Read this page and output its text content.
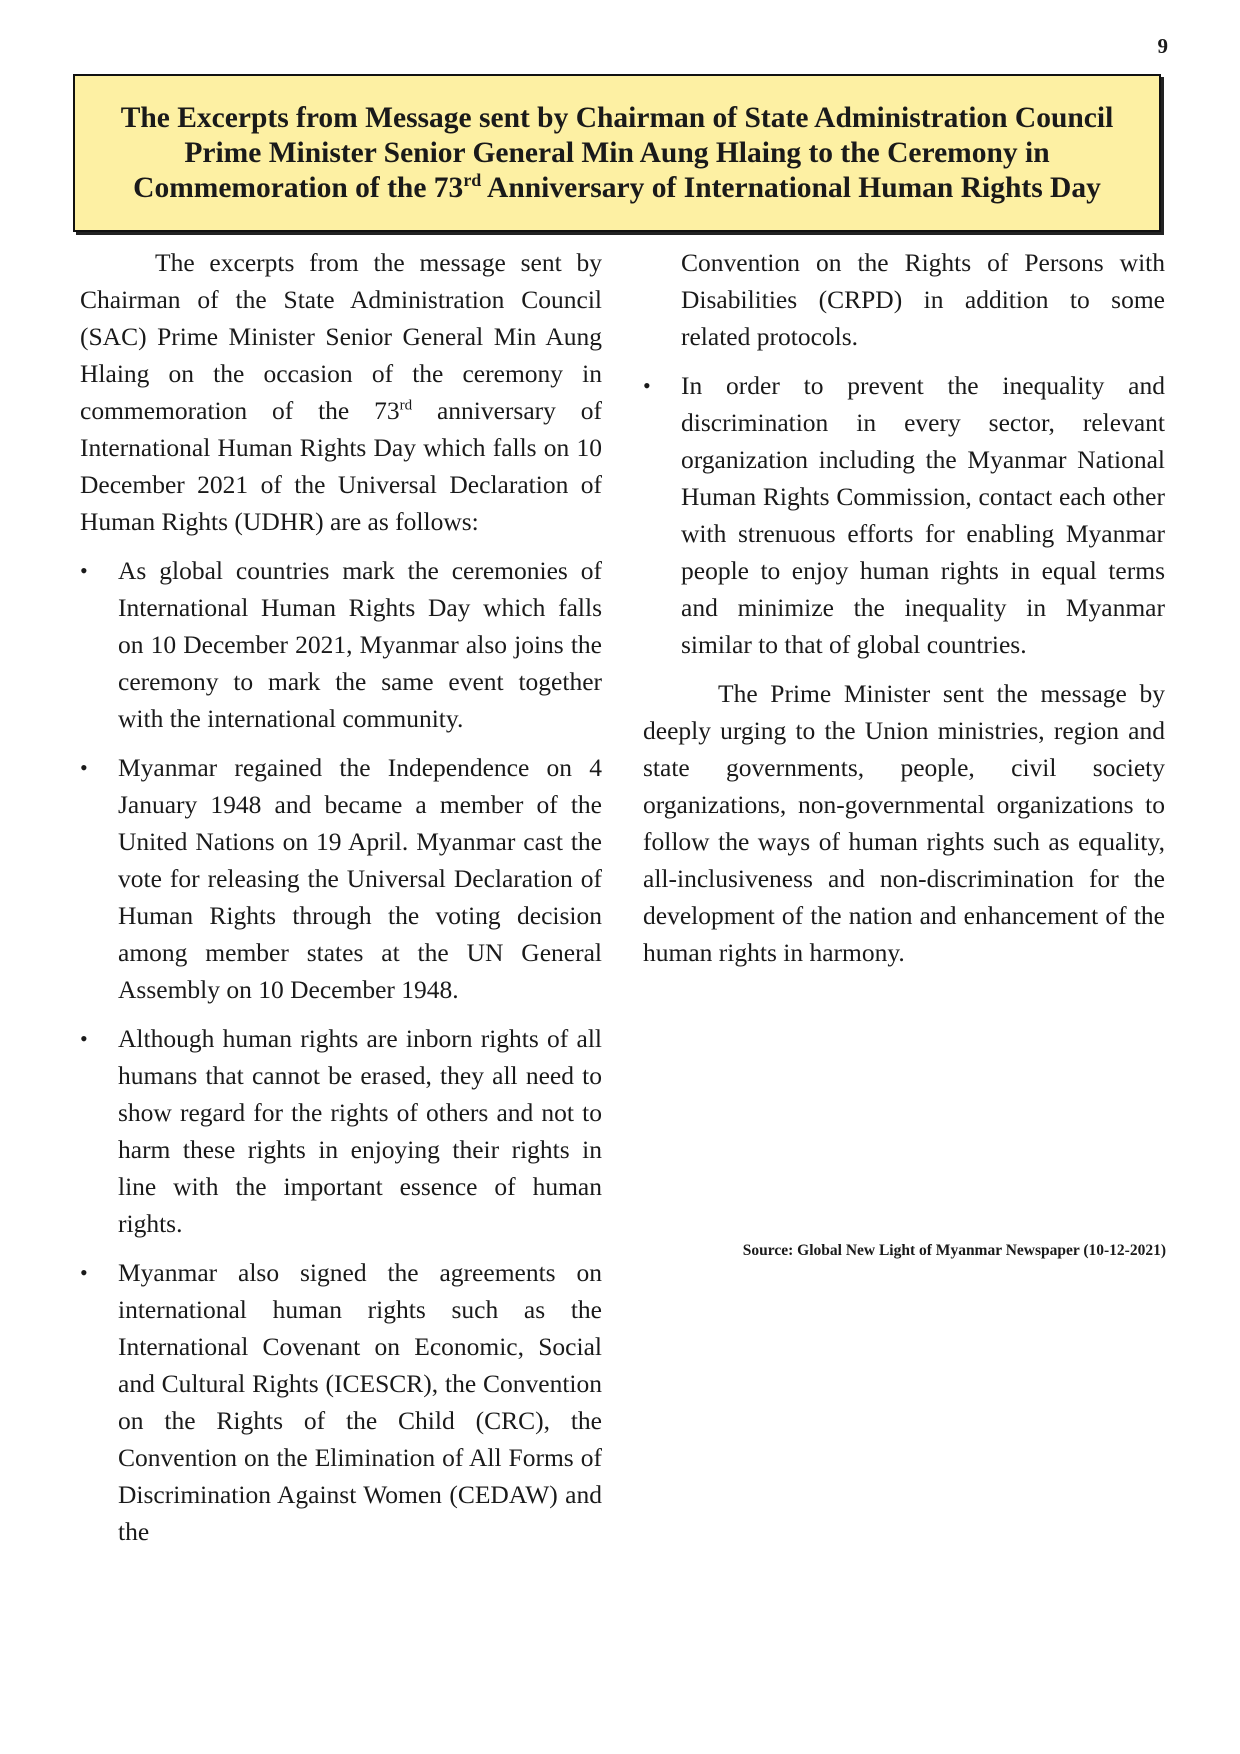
9

The Excerpts from Message sent by Chairman of State Administration Council Prime Minister Senior General Min Aung Hlaing to the Ceremony in Commemoration of the 73rd Anniversary of International Human Rights Day

The excerpts from the message sent by Chairman of the State Administration Council (SAC) Prime Minister Senior General Min Aung Hlaing on the occasion of the ceremony in commemoration of the 73rd anniversary of International Human Rights Day which falls on 10 December 2021 of the Universal Declaration of Human Rights (UDHR) are as follows:

• As global countries mark the ceremonies of International Human Rights Day which falls on 10 December 2021, Myanmar also joins the ceremony to mark the same event together with the international community.
• Myanmar regained the Independence on 4 January 1948 and became a member of the United Nations on 19 April. Myanmar cast the vote for releasing the Universal Declaration of Human Rights through the voting decision among member states at the UN General Assembly on 10 December 1948.
• Although human rights are inborn rights of all humans that cannot be erased, they all need to show regard for the rights of others and not to harm these rights in enjoying their rights in line with the important essence of human rights.
• Myanmar also signed the agreements on international human rights such as the International Covenant on Economic, Social and Cultural Rights (ICESCR), the Convention on the Rights of the Child (CRC), the Convention on the Elimination of All Forms of Discrimination Against Women (CEDAW) and the

Convention on the Rights of Persons with Disabilities (CRPD) in addition to some related protocols.

• In order to prevent the inequality and discrimination in every sector, relevant organization including the Myanmar National Human Rights Commission, contact each other with strenuous efforts for enabling Myanmar people to enjoy human rights in equal terms and minimize the inequality in Myanmar similar to that of global countries.

The Prime Minister sent the message by deeply urging to the Union ministries, region and state governments, people, civil society organizations, non-governmental organizations to follow the ways of human rights such as equality, all-inclusiveness and non-discrimination for the development of the nation and enhancement of the human rights in harmony.

Source: Global New Light of Myanmar Newspaper (10-12-2021)
